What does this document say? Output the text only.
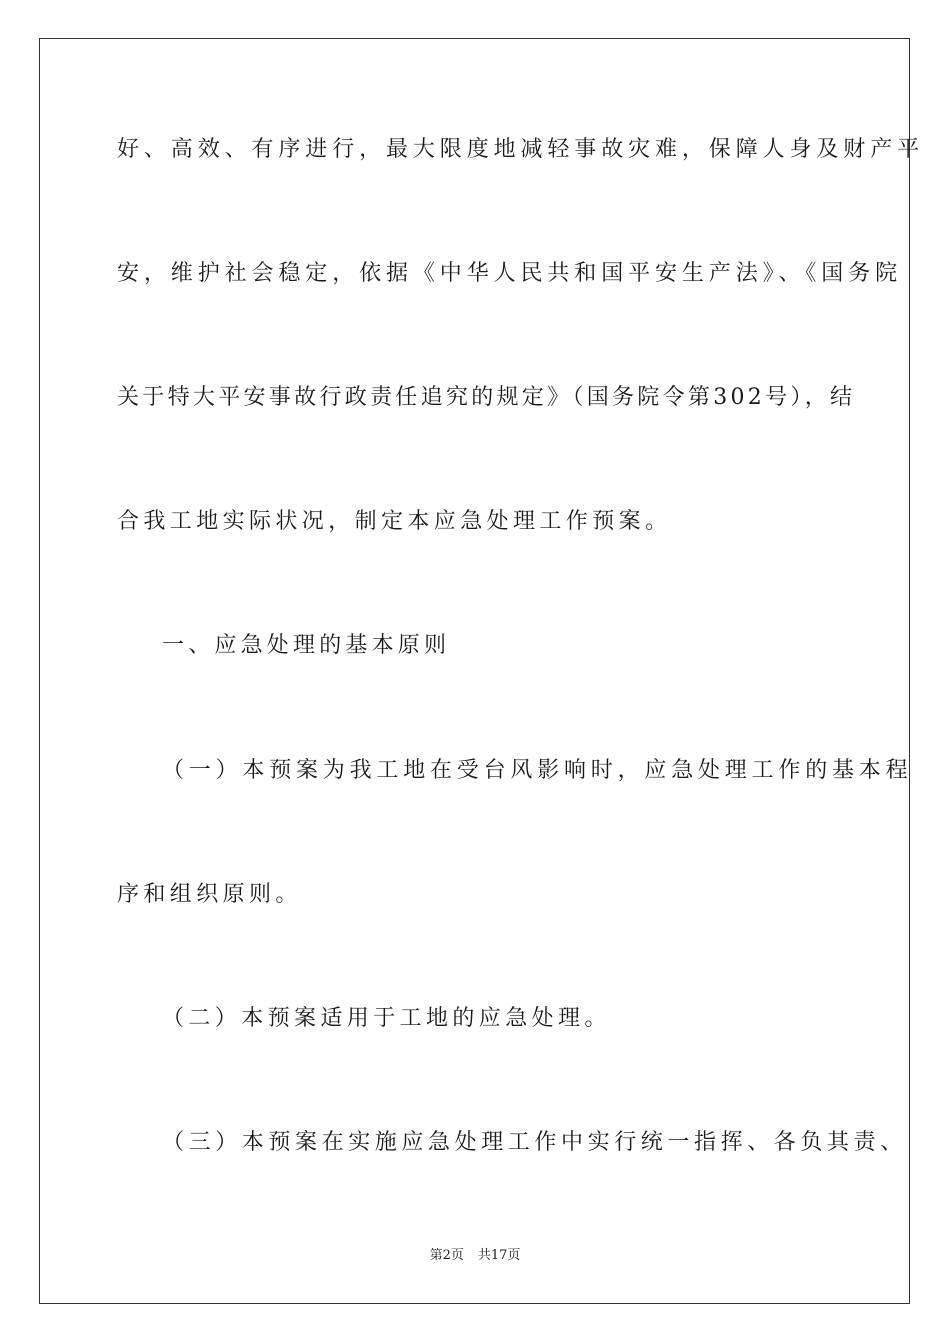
好、高效、有序进行，最大限度地减轻事故灾难，保障人身及财产平
安，维护社会稳定，依据《中华人民共和国平安生产法》、《国务院
关于特大平安事故行政责任追究的规定》（国务院令第302号），结
合我工地实际状况，制定本应急处理工作预案。
一、应急处理的基本原则
（一）本预案为我工地在受台风影响时，应急处理工作的基本程
序和组织原则。
（二）本预案适用于工地的应急处理。
（三）本预案在实施应急处理工作中实行统一指挥、各负其责、
第2页 共17页
